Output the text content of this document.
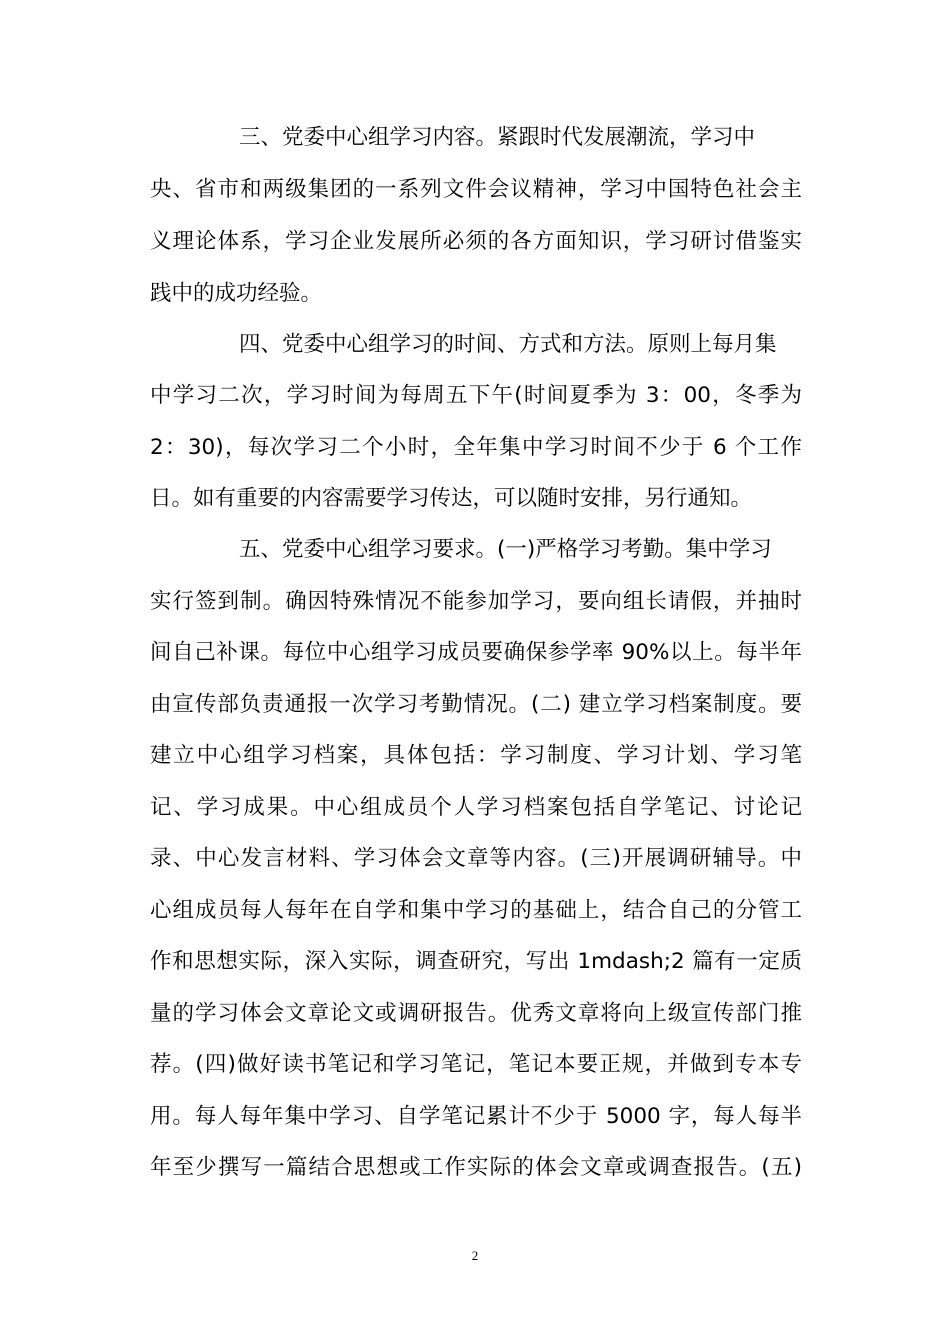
三、党委中心组学习内容。紧跟时代发展潮流，学习中
央、省市和两级集团的一系列文件会议精神，学习中国特色社会主
义理论体系，学习企业发展所必须的各方面知识，学习研讨借鉴实
践中的成功经验。
四、党委中心组学习的时间、方式和方法。原则上每月集
中学习二次，学习时间为每周五下午(时间夏季为 3：00，冬季为
2：30)，每次学习二个小时，全年集中学习时间不少于 6 个工作
日。如有重要的内容需要学习传达，可以随时安排，另行通知。
五、党委中心组学习要求。(一)严格学习考勤。集中学习
实行签到制。确因特殊情况不能参加学习，要向组长请假，并抽时
间自己补课。每位中心组学习成员要确保参学率 90%以上。每半年
由宣传部负责通报一次学习考勤情况。(二) 建立学习档案制度。要
建立中心组学习档案，具体包括：学习制度、学习计划、学习笔
记、学习成果。中心组成员个人学习档案包括自学笔记、讨论记
录、中心发言材料、学习体会文章等内容。(三)开展调研辅导。中
心组成员每人每年在自学和集中学习的基础上，结合自己的分管工
作和思想实际，深入实际，调查研究，写出 1mdash;2 篇有一定质
量的学习体会文章论文或调研报告。优秀文章将向上级宣传部门推
荐。(四)做好读书笔记和学习笔记，笔记本要正规，并做到专本专
用。每人每年集中学习、自学笔记累计不少于 5000 字，每人每半
年至少撰写一篇结合思想或工作实际的体会文章或调查报告。(五)
2
